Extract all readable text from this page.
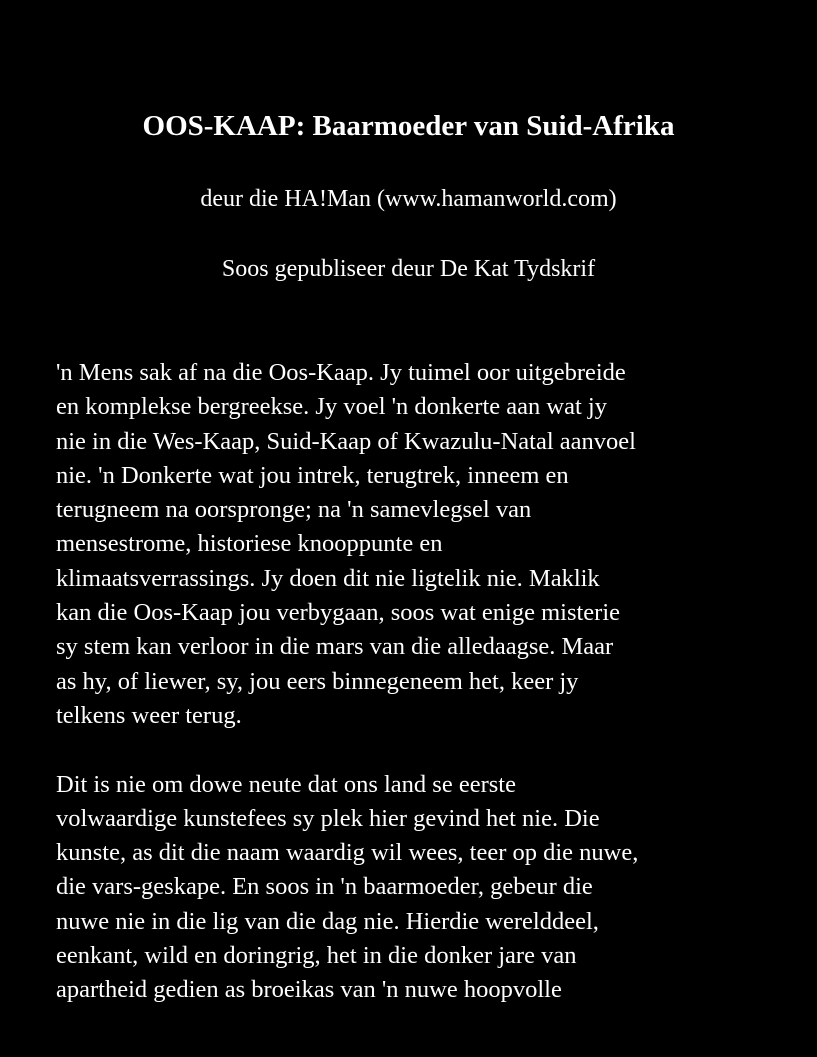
OOS-KAAP: Baarmoeder van Suid-Afrika

deur die HA!Man (www.hamanworld.com)

Soos gepubliseer deur De Kat Tydskrif

'n Mens sak af na die Oos-Kaap. Jy tuimel oor uitgebreide
en komplekse bergreekse. Jy voel 'n donkerte aan wat jy
nie in die Wes-Kaap, Suid-Kaap of Kwazulu-Natal aanvoel
nie. 'n Donkerte wat jou intrek, terugtrek, inneem en
terugneem na oorspronge; na 'n samevlegsel van
mensestrome, historiese knooppunte en
klimaatsverrassings. Jy doen dit nie ligtelik nie. Maklik
kan die Oos-Kaap jou verbygaan, soos wat enige misterie
sy stem kan verloor in die mars van die alledaagse. Maar
as hy, of liewer, sy, jou eers binnegeneem het, keer jy
telkens weer terug.

Dit is nie om dowe neute dat ons land se eerste
volwaardige kunstefees sy plek hier gevind het nie. Die
kunste, as dit die naam waardig wil wees, teer op die nuwe,
die vars-geskape. En soos in 'n baarmoeder, gebeur die
nuwe nie in die lig van die dag nie. Hierdie werelddeel,
eenkant, wild en doringrig, het in die donker jare van
apartheid gedien as broeikas van 'n nuwe hoopvolle
